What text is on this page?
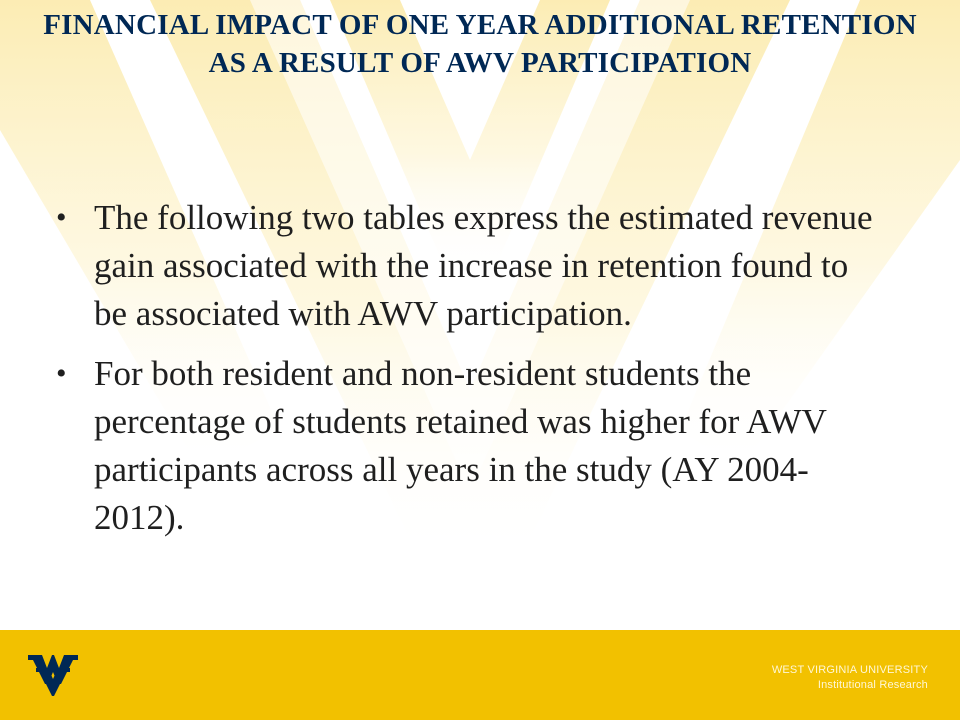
FINANCIAL IMPACT OF ONE YEAR ADDITIONAL RETENTION AS A RESULT OF AWV PARTICIPATION
• The following two tables express the estimated revenue gain associated with the increase in retention found to be associated with AWV participation.
• For both resident and non-resident students the percentage of students retained was higher for AWV participants across all years in the study (AY 2004-2012).
WEST VIRGINIA UNIVERSITY
Institutional Research
